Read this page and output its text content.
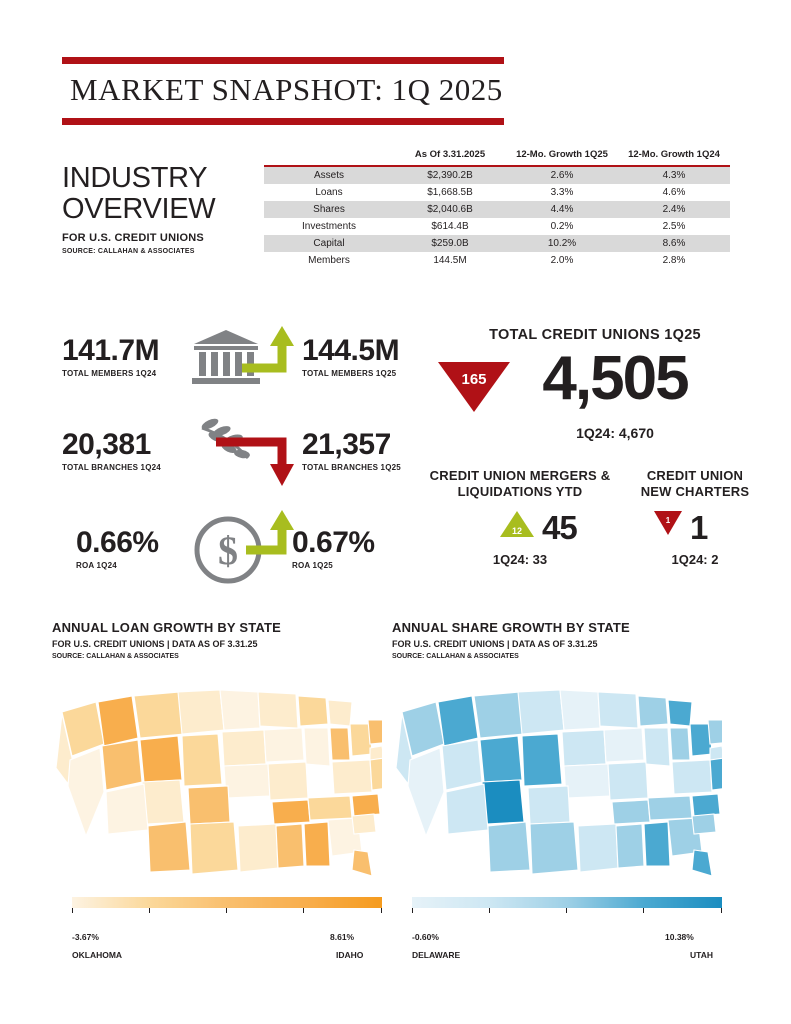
MARKET SNAPSHOT: 1Q 2025
INDUSTRY
OVERVIEW
FOR U.S. CREDIT UNIONS
SOURCE: CALLAHAN & ASSOCIATES
	As Of 3.31.2025	12-Mo. Growth 1Q25	12-Mo. Growth 1Q24
Assets	$2,390.2B	2.6%	4.3%
Loans	$1,668.5B	3.3%	4.6%
Shares	$2,040.6B	4.4%	2.4%
Investments	$614.4B	0.2%	2.5%
Capital	$259.0B	10.2%	8.6%
Members	144.5M	2.0%	2.8%
141.7M
TOTAL MEMBERS 1Q24
144.5M
TOTAL MEMBERS 1Q25
20,381
TOTAL BRANCHES 1Q24
21,357
TOTAL BRANCHES 1Q25
0.66%
ROA 1Q24
0.67%
ROA 1Q25
$
TOTAL CREDIT UNIONS 1Q25
165 4,505
1Q24: 4,670
CREDIT UNION MERGERS &
LIQUIDATIONS YTD
12 45
1Q24: 33
CREDIT UNION
NEW CHARTERS
1 1
1Q24: 2
ANNUAL LOAN GROWTH BY STATE
FOR U.S. CREDIT UNIONS | DATA AS OF 3.31.25
SOURCE: CALLAHAN & ASSOCIATES
-3.67%	8.61%
OKLAHOMA	IDAHO
ANNUAL SHARE GROWTH BY STATE
FOR U.S. CREDIT UNIONS | DATA AS OF 3.31.25
SOURCE: CALLAHAN & ASSOCIATES
-0.60%	10.38%
DELAWARE	UTAH
